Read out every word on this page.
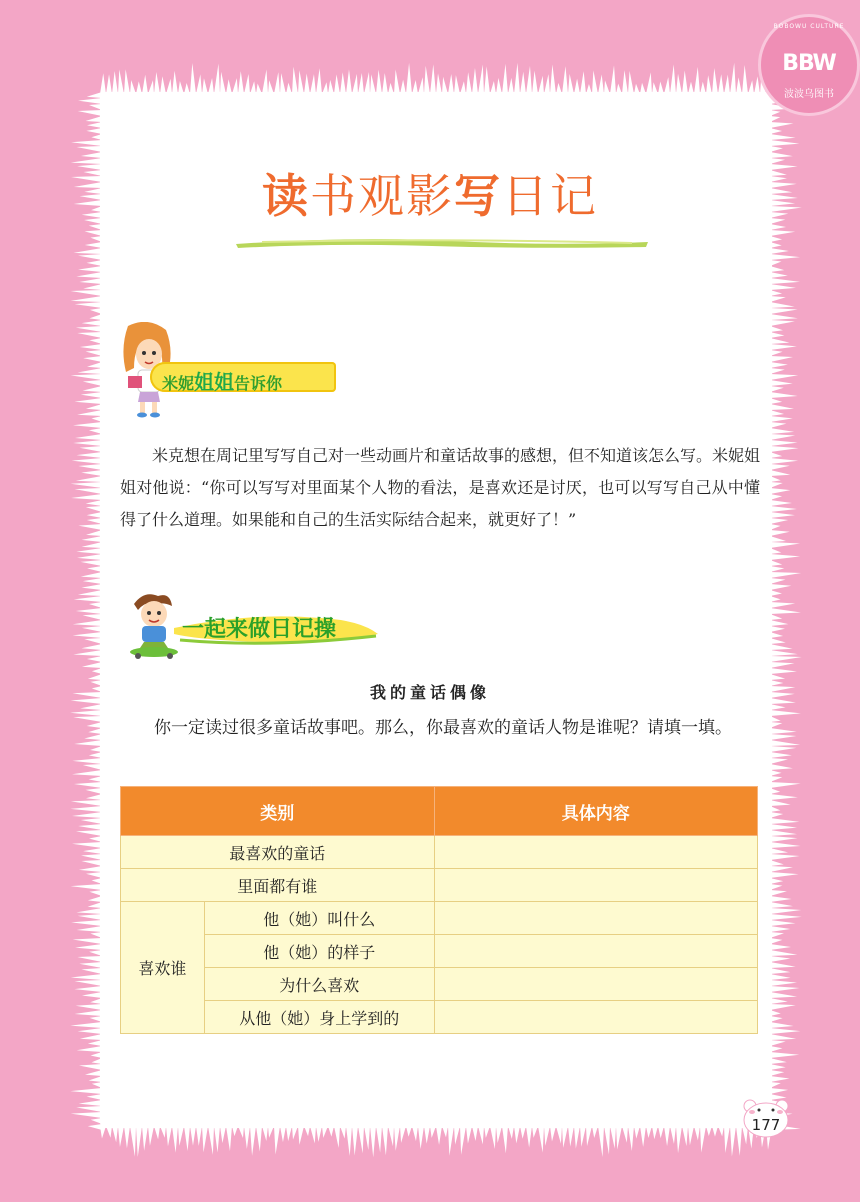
BOBOWU CULTURE
BBW
波波乌图书
读书观影写日记
米妮姐姐告诉你
米克想在周记里写写自己对一些动画片和童话故事的感想，但不知道该怎么写。米妮姐姐对他说：“你可以写写对里面某个人物的看法，是喜欢还是讨厌，也可以写写自己从中懂得了什么道理。如果能和自己的生活实际结合起来，就更好了！”
一起来做日记操
我的童话偶像
你一定读过很多童话故事吧。那么，你最喜欢的童话人物是谁呢？请填一填。
类别		具体内容
最喜欢的童话		
里面都有谁		
喜欢谁	他（她）叫什么	
	他（她）的样子	
	为什么喜欢	
	从他（她）身上学到的	
177
